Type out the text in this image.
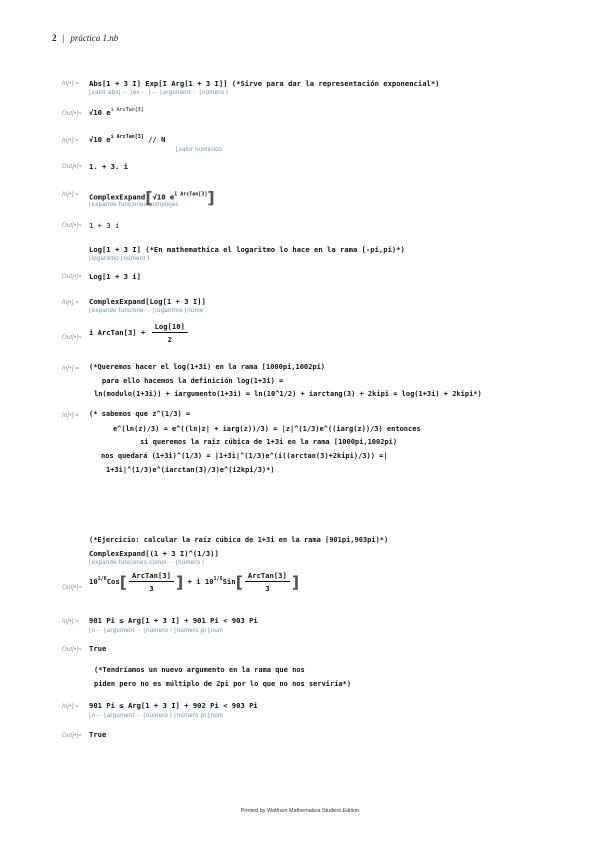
2 | práctica 1.nb
In[•]:= Abs[1 + 3 I] Exp[I Arg[1 + 3 I]] (*Sirve para dar la representación exponencial*)
⌊valor abs⌊··· ⌊ex··· ⌊··· ⌊argument··· ⌊número I
Out[•]= √10 $e^{i ArcTan[3]}$
In[•]:= √10 $e^{i ArcTan[3]}$ // N
⌊valor numérico
Out[•]= 1. + 3. i
In[•]:= ComplexExpand[√10 $e^{i ArcTan[3]}$]
⌊expande funciones complejas
Out[•]= 1 + 3 i
Log[1 + 3 I] (*En mathemathica el logaritmo lo hace en la rama [-pi,pi)*)
⌊logaritmo ⌊número I
Out[•]= Log[1 + 3 i]
In[•]:= ComplexExpand[Log[1 + 3 I]]
⌊expande funcione··· ⌊logaritmo ⌊núme
Out[•]=
i ArcTan[3] + $\frac{\text{Log[10]}}{2}$
In[•]:= (*Queremos hacer el log(1+3i) en la rama [1000pi,1002pi)
para ello hacemos la definición log(1+3i) =
ln(modulo(1+3i)) + iargumento(1+3i) = ln(10^1/2) + iarctang(3) + 2kipi = log(1+3i) + 2kipi*)
In[•]:= (* sabemos que z^(1/3) =
e^(ln(z)/3) = e^((ln|z| + iarg(z))/3) = |z|^(1/3)e^((iarg(z))/3) entonces
si queremos la raiz cúbica de 1+3i en la rama [1000pi,1002pi)
nos quedará (1+3i)^(1/3) = |1+3i|^(1/3)e^(i((arctan(3)+2kipi)/3)) =|
1+3i|^(1/3)e^(iarctan(3)/3)e^(i2kpi/3)*)
(*Ejercicio: calcular la raíz cúbica de 1+3i en la rama [901pi,903pi)*)
ComplexExpand[(1 + 3 I)^(1/3)]
⌊expande funciones compl··· ⌊número I
Out[•]=
$10^{1/6}Cos[ \frac{\text{ArcTan[3]}}{3}$ ] + i $10^{1/6}Sin[ \frac{\text{ArcTan[3]}}{3}$ ]
In[•]:= 901 Pi ≤ Arg[1 + 3 I] + 901 Pi < 903 Pi
⌊n··· ⌊argument··· ⌊número I ⌊número pi ⌊núm
Out[•]= True
(*Tendríamos un nuevo argumento en la rama que nos
piden pero no es múltiplo de 2pi por lo que no nos serviría*)
In[•]:= 901 Pi ≤ Arg[1 + 3 I] + 902 Pi < 903 Pi
⌊n··· ⌊argument··· ⌊número I ⌊número pi ⌊núm
Out[•]= True
Printed by Wolfram Mathematica Student Edition
